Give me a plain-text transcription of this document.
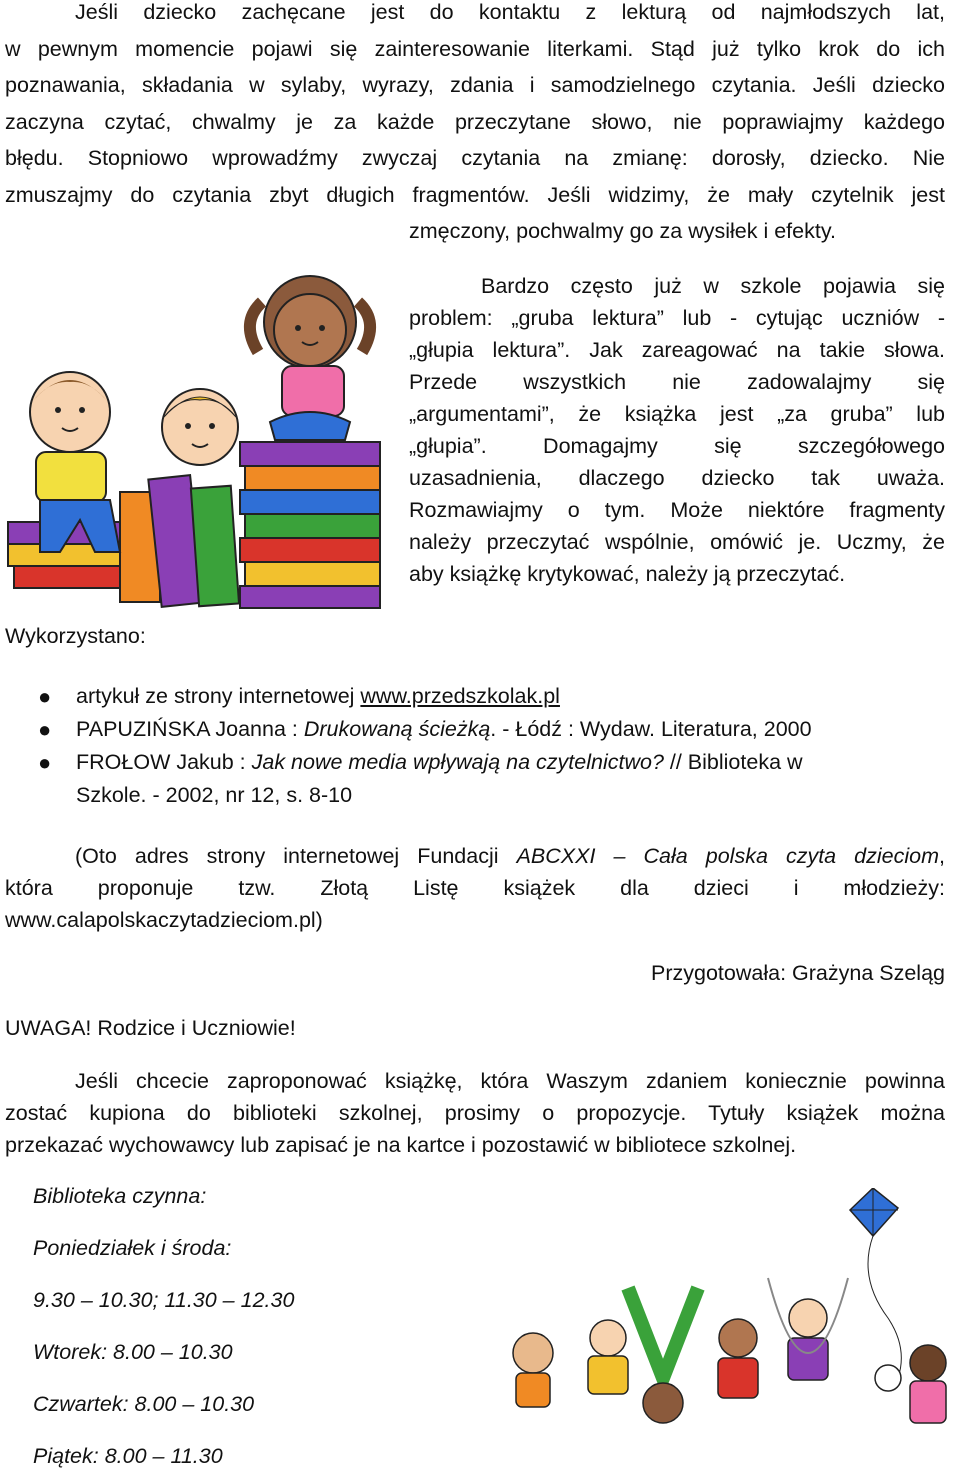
Jeśli dziecko zachęcane jest do kontaktu z lekturą od najmłodszych lat,
w pewnym momencie pojawi się zainteresowanie literkami. Stąd już tylko krok do ich
poznawania, składania w sylaby, wyrazy, zdania i samodzielnego czytania. Jeśli dziecko
zaczyna czytać, chwalmy je za każde przeczytane słowo, nie poprawiajmy każdego
błędu. Stopniowo wprowadźmy zwyczaj czytania na zmianę: dorosły, dziecko. Nie
zmuszajmy do czytania zbyt długich fragmentów. Jeśli widzimy, że mały czytelnik jest
zmęczony, pochwalmy go za wysiłek i efekty.
Bardzo często już w szkole pojawia się
problem: „gruba lektura” lub - cytując uczniów -
„głupia lektura”. Jak zareagować na takie słowa.
Przede wszystkich nie zadowalajmy się
„argumentami”, że książka jest „za gruba” lub
„głupia”. Domagajmy się szczegółowego
uzasadnienia, dlaczego dziecko tak uważa.
Rozmawiajmy o tym. Może niektóre fragmenty
należy przeczytać wspólnie, omówić je. Uczmy, że
aby książkę krytykować, należy ją przeczytać.
Wykorzystano:
● artykuł ze strony internetowej www.przedszkolak.pl
● PAPUZIŃSKA Joanna : Drukowaną ścieżką. - Łódź : Wydaw. Literatura, 2000
● FROŁOW Jakub : Jak nowe media wpływają na czytelnictwo? // Biblioteka w
Szkole. - 2002, nr 12, s. 8-10
(Oto adres strony internetowej Fundacji ABCXXI – Cała polska czyta dzieciom,
która proponuje tzw. Złotą Listę książek dla dzieci i młodzieży:
www.calapolskaczytadzieciom.pl)
Przygotowała: Grażyna Szeląg
UWAGA! Rodzice i Uczniowie!
Jeśli chcecie zaproponować książkę, która Waszym zdaniem koniecznie powinna
zostać kupiona do biblioteki szkolnej, prosimy o propozycje. Tytuły książek można
przekazać wychowawcy lub zapisać je na kartce i pozostawić w bibliotece szkolnej.
Biblioteka czynna:
Poniedziałek i środa:
9.30 – 10.30; 11.30 – 12.30
Wtorek: 8.00 – 10.30
Czwartek: 8.00 – 10.30
Piątek: 8.00 – 11.30
